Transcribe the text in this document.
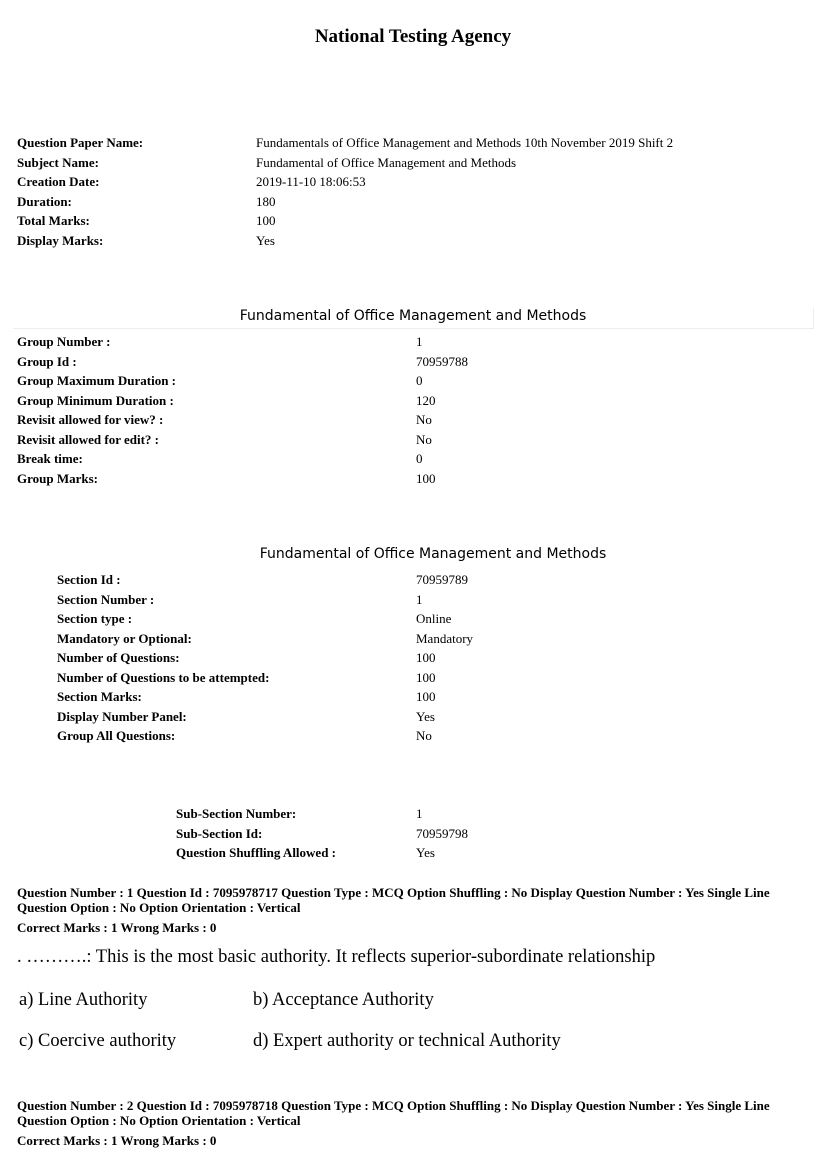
National Testing Agency
Question Paper Name:	Fundamentals of Office Management and Methods 10th November 2019 Shift 2
Subject Name:	Fundamental of Office Management and Methods
Creation Date:	2019-11-10 18:06:53
Duration:	180
Total Marks:	100
Display Marks:	Yes
Fundamental of Office Management and Methods
Group Number :	1
Group Id :	70959788
Group Maximum Duration :	0
Group Minimum Duration :	120
Revisit allowed for view? :	No
Revisit allowed for edit? :	No
Break time:	0
Group Marks:	100
Fundamental of Office Management and Methods
Section Id :	70959789
Section Number :	1
Section type :	Online
Mandatory or Optional:	Mandatory
Number of Questions:	100
Number of Questions to be attempted:	100
Section Marks:	100
Display Number Panel:	Yes
Group All Questions:	No
Sub-Section Number:	1
Sub-Section Id:	70959798
Question Shuffling Allowed :	Yes
Question Number : 1 Question Id : 7095978717 Question Type : MCQ Option Shuffling : No Display Question Number : Yes Single Line Question Option : No Option Orientation : Vertical
Correct Marks : 1 Wrong Marks : 0
. ……….: This is the most basic authority. It reflects superior-subordinate relationship
a) Line Authority	b) Acceptance Authority
c) Coercive authority	d) Expert authority or technical Authority
Question Number : 2 Question Id : 7095978718 Question Type : MCQ Option Shuffling : No Display Question Number : Yes Single Line Question Option : No Option Orientation : Vertical
Correct Marks : 1 Wrong Marks : 0
